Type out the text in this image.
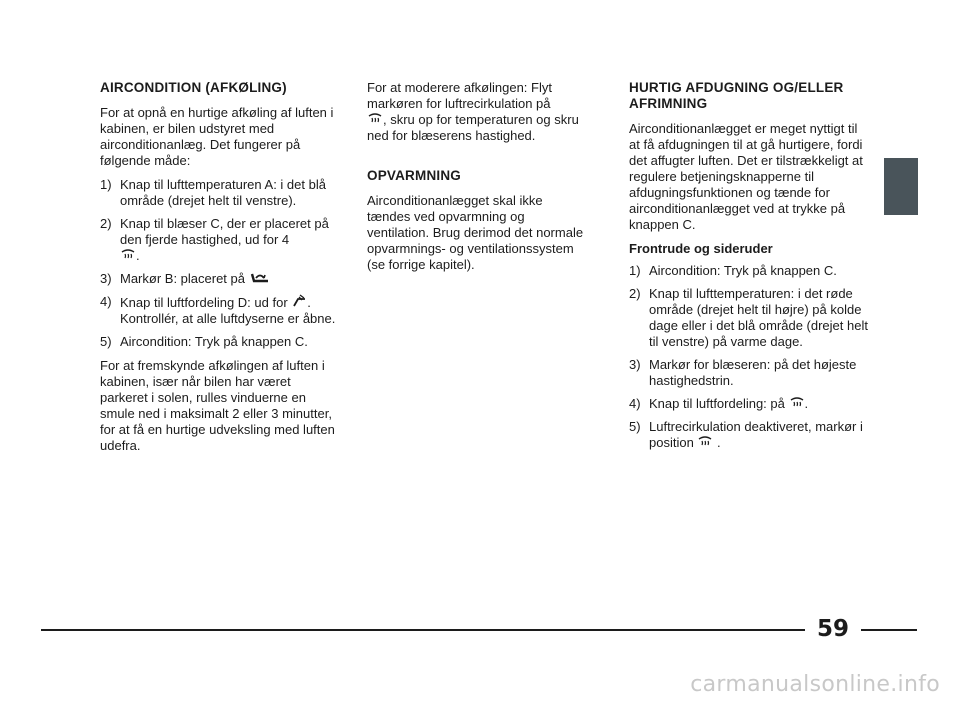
AIRCONDITION (AFKØLING)
For at opnå en hurtige afkøling af luften i kabinen, er bilen udstyret med airconditionanlæg. Det fungerer på følgende måde:
1) Knap til lufttemperaturen A: i det blå område (drejet helt til venstre).
2) Knap til blæser C, der er placeret på den fjerde hastighed, ud for 4
.
3) Markør B: placeret på
4) Knap til luftfordeling D: ud for . Kontrollér, at alle luftdyserne er åbne.
5) Aircondition: Tryk på knappen C.
For at fremskynde afkølingen af luften i kabinen, især når bilen har været parkeret i solen, rulles vinduerne en smule ned i maksimalt 2 eller 3 minutter, for at få en hurtige udveksling med luften udefra.
For at moderere afkølingen: Flyt markøren for luftrecirkulation på
, skru op for temperaturen og skru ned for blæserens hastighed.
OPVARMNING
Airconditionanlægget skal ikke tændes ved opvarmning og ventilation. Brug derimod det normale opvarmnings- og ventilationssystem (se forrige kapitel).
HURTIG AFDUGNING OG/ELLER AFRIMNING
Airconditionanlægget er meget nyttigt til at få afdugningen til at gå hurtigere, fordi det affugter luften. Det er tilstrækkeligt at regulere betjeningsknapperne til afdugningsfunktionen og tænde for airconditionanlægget ved at trykke på knappen C.
Frontrude og sideruder
1) Aircondition: Tryk på knappen C.
2) Knap til lufttemperaturen: i det røde område (drejet helt til højre) på kolde dage eller i det blå område (drejet helt til venstre) på varme dage.
3) Markør for blæseren: på det højeste hastighedstrin.
4) Knap til luftfordeling: på .
5) Luftrecirkulation deaktiveret, markør i position  .
59
carmanualsonline.info
